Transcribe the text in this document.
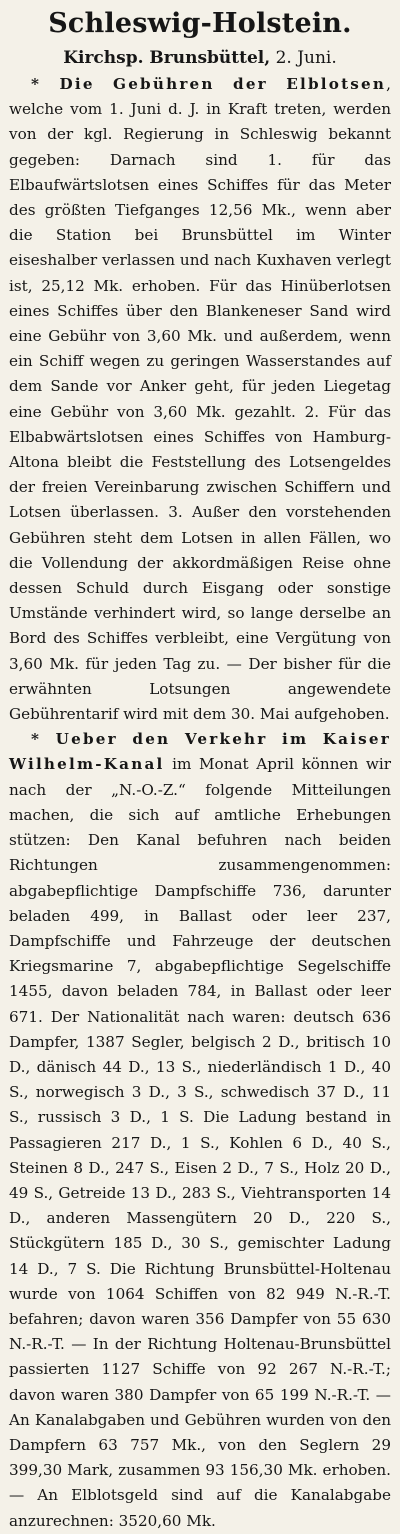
Schleswig-Holstein.
Kirchsp. Brunsbüttel, 2. Juni.

* Die Gebühren der Elblotsen, welche vom 1. Juni d. J. in Kraft treten, werden von der kgl. Regierung in Schleswig bekannt gegeben: Darnach sind 1. für das Elbaufwärtslotsen eines Schiffes für das Meter des größten Tiefganges 12,56 Mk., wenn aber die Station bei Brunsbüttel im Winter eiseshalber verlassen und nach Kuxhaven verlegt ist, 25,12 Mk. erhoben. Für das Hinüberlotsen eines Schiffes über den Blankeneser Sand wird eine Gebühr von 3,60 Mk. und außerdem, wenn ein Schiff wegen zu geringen Wasserstandes auf dem Sande vor Anker geht, für jeden Liegetag eine Gebühr von 3,60 Mk. gezahlt. 2. Für das Elbabwärtslotsen eines Schiffes von Hamburg-Altona bleibt die Feststellung des Lotsengeldes der freien Vereinbarung zwischen Schiffern und Lotsen überlassen. 3. Außer den vorstehenden Gebühren steht dem Lotsen in allen Fällen, wo die Vollendung der akkordmäßigen Reise ohne dessen Schuld durch Eisgang oder sonstige Umstände verhindert wird, so lange derselbe an Bord des Schiffes verbleibt, eine Vergütung von 3,60 Mk. für jeden Tag zu. — Der bisher für die erwähnten Lotsungen angewendete Gebührentarif wird mit dem 30. Mai aufgehoben.

* Ueber den Verkehr im Kaiser Wilhelm-Kanal im Monat April können wir nach der „N.-O.-Z.“ folgende Mitteilungen machen, die sich auf amtliche Erhebungen stützen: Den Kanal befuhren nach beiden Richtungen zusammengenommen: abgabepflichtige Dampfschiffe 736, darunter beladen 499, in Ballast oder leer 237, Dampfschiffe und Fahrzeuge der deutschen Kriegsmarine 7, abgabepflichtige Segelschiffe 1455, davon beladen 784, in Ballast oder leer 671. Der Nationalität nach waren: deutsch 636 Dampfer, 1387 Segler, belgisch 2 D., britisch 10 D., dänisch 44 D., 13 S., niederländisch 1 D., 40 S., norwegisch 3 D., 3 S., schwedisch 37 D., 11 S., russisch 3 D., 1 S. Die Ladung bestand in Passagieren 217 D., 1 S., Kohlen 6 D., 40 S., Steinen 8 D., 247 S., Eisen 2 D., 7 S., Holz 20 D., 49 S., Getreide 13 D., 283 S., Viehtransporten 14 D., anderen Massengütern 20 D., 220 S., Stückgütern 185 D., 30 S., gemischter Ladung 14 D., 7 S. Die Richtung Brunsbüttel-Holtenau wurde von 1064 Schiffen von 82 949 N.-R.-T. befahren; davon waren 356 Dampfer von 55 630 N.-R.-T. — In der Richtung Holtenau-Brunsbüttel passierten 1127 Schiffe von 92 267 N.-R.-T.; davon waren 380 Dampfer von 65 199 N.-R.-T. — An Kanalabgaben und Gebühren wurden von den Dampfern 63 757 Mk., von den Seglern 29 399,30 Mark, zusammen 93 156,30 Mk. erhoben. — An Elblotsgeld sind auf die Kanalabgabe anzurechnen: 3520,60 Mk.
